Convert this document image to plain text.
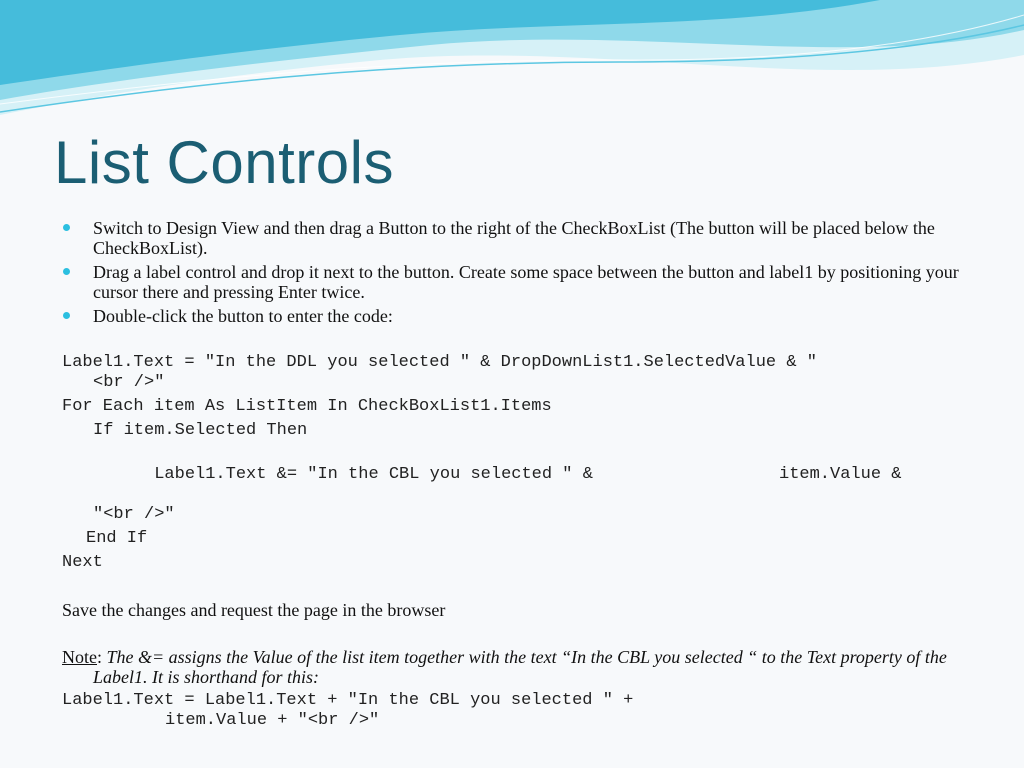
List Controls
Switch to Design View and then drag a Button to the right of the CheckBoxList (The button will be placed below the CheckBoxList).
Drag a label control and drop it next to the button. Create some space between the button and label1 by positioning your cursor there and pressing Enter twice.
Double-click the button to enter the code:
Label1.Text = "In the DDL you selected " & DropDownList1.SelectedValue & "
<br />"
For Each item As ListItem In CheckBoxList1.Items
If item.Selected Then

Label1.Text &= "In the CBL you selected " &	item.Value &

"<br />"
End If
Next
Save the changes and request the page in the browser
Note: The &= assigns the Value of the list item together with the text “In the CBL you selected “ to the Text property of the Label1. It is shorthand for this:
Label1.Text = Label1.Text + "In the CBL you selected " +
item.Value + "<br />"
